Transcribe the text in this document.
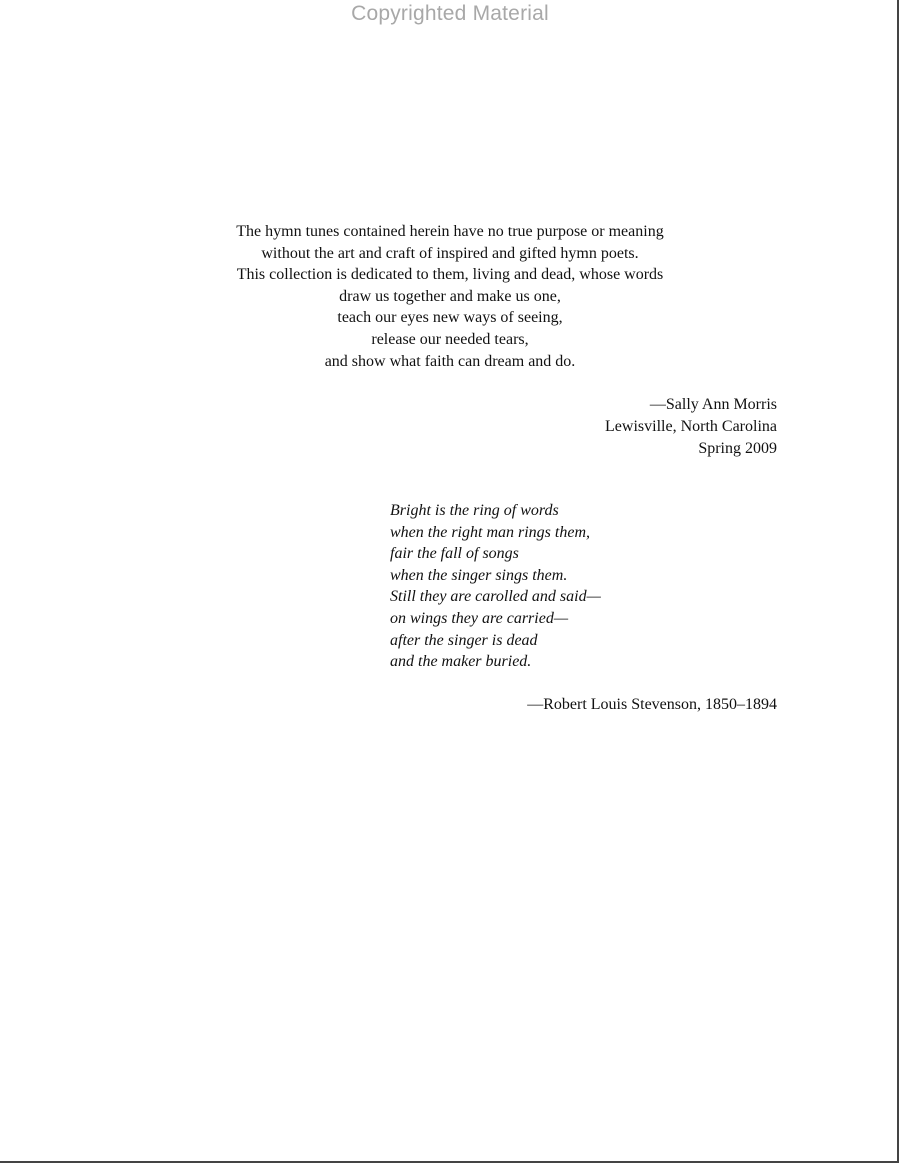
Copyrighted Material
The hymn tunes contained herein have no true purpose or meaning
without the art and craft of inspired and gifted hymn poets.
This collection is dedicated to them, living and dead, whose words
draw us together and make us one,
teach our eyes new ways of seeing,
release our needed tears,
and show what faith can dream and do.
—Sally Ann Morris
Lewisville, North Carolina
Spring 2009
Bright is the ring of words
when the right man rings them,
fair the fall of songs
when the singer sings them.
Still they are carolled and said—
on wings they are carried—
after the singer is dead
and the maker buried.
—Robert Louis Stevenson, 1850–1894
